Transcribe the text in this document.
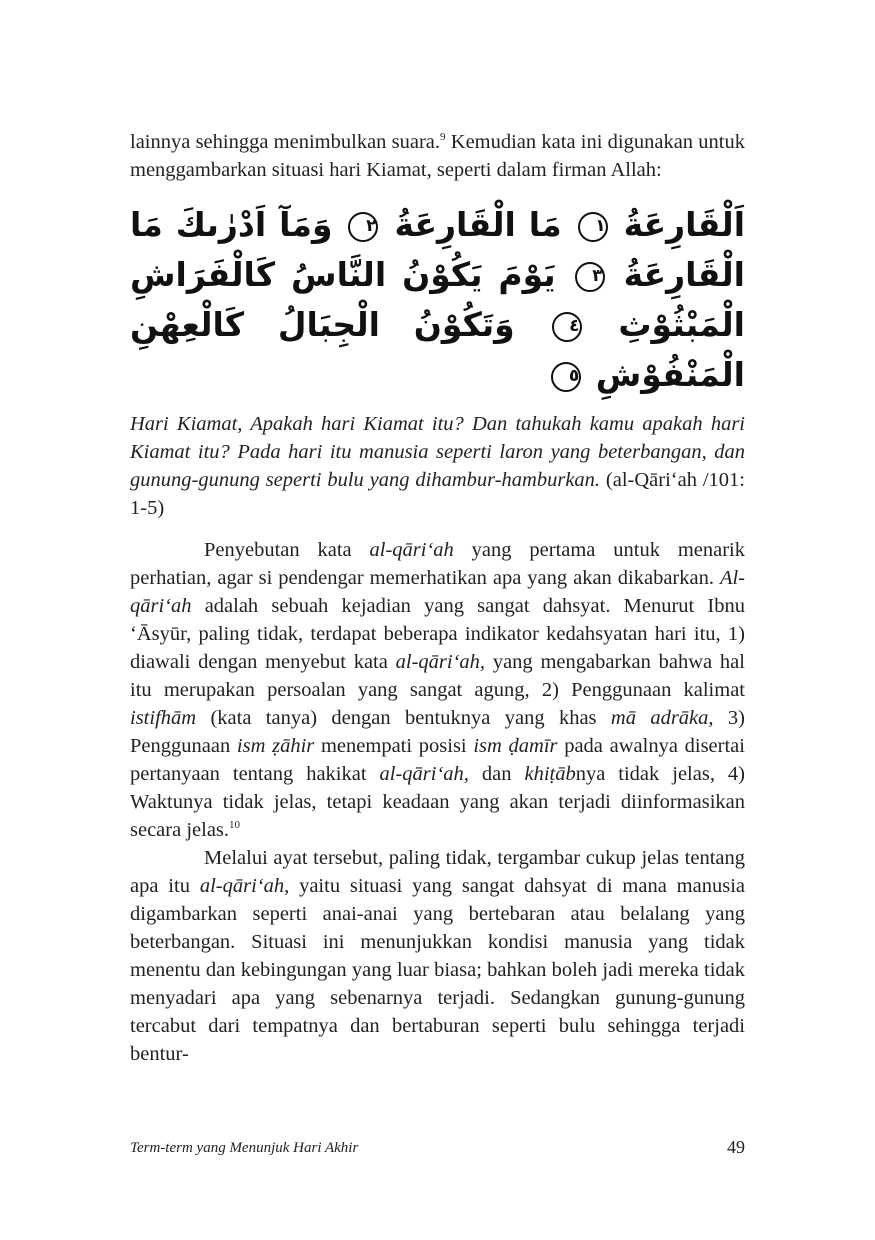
lainnya sehingga menimbulkan suara.$^9$ Kemudian kata ini digunakan untuk menggambarkan situasi hari Kiamat, seperti dalam firman Allah:

اَلْقَارِعَةُ ١ مَا الْقَارِعَةُ ٢ وَمَآ اَدْرٰىكَ مَا الْقَارِعَةُ ٣ يَوْمَ يَكُوْنُ النَّاسُ كَالْفَرَاشِ الْمَبْثُوْثِ ٤ وَتَكُوْنُ الْجِبَالُ كَالْعِهْنِ الْمَنْفُوْشِ ٥

Hari Kiamat, Apakah hari Kiamat itu? Dan tahukah kamu apakah hari Kiamat itu? Pada hari itu manusia seperti laron yang beterbangan, dan gunung-gunung seperti bulu yang dihambur-hamburkan. (al-Qāri‘ah /101: 1-5)

Penyebutan kata al-qāri‘ah yang pertama untuk menarik perhatian, agar si pendengar memerhatikan apa yang akan dikabarkan. Al-qāri‘ah adalah sebuah kejadian yang sangat dahsyat. Menurut Ibnu ‘Āsyūr, paling tidak, terdapat beberapa indikator kedahsyatan hari itu, 1) diawali dengan menyebut kata al-qāri‘ah, yang mengabarkan bahwa hal itu merupakan persoalan yang sangat agung, 2) Penggunaan kalimat istifhām (kata tanya) dengan bentuknya yang khas mā adrāka, 3) Penggunaan ism ẓāhir menempati posisi ism ḍamīr pada awalnya disertai pertanyaan tentang hakikat al-qāri‘ah, dan khiṭābnya tidak jelas, 4) Waktunya tidak jelas, tetapi keadaan yang akan terjadi diinformasikan secara jelas.$^{10}$

Melalui ayat tersebut, paling tidak, tergambar cukup jelas tentang apa itu al-qāri‘ah, yaitu situasi yang sangat dahsyat di mana manusia digambarkan seperti anai-anai yang bertebaran atau belalang yang beterbangan. Situasi ini menunjukkan kondisi manusia yang tidak menentu dan kebingungan yang luar biasa; bahkan boleh jadi mereka tidak menyadari apa yang sebenarnya terjadi. Sedangkan gunung-gunung tercabut dari tempatnya dan bertaburan seperti bulu sehingga terjadi bentur-

Term-term yang Menunjuk Hari Akhir	49
